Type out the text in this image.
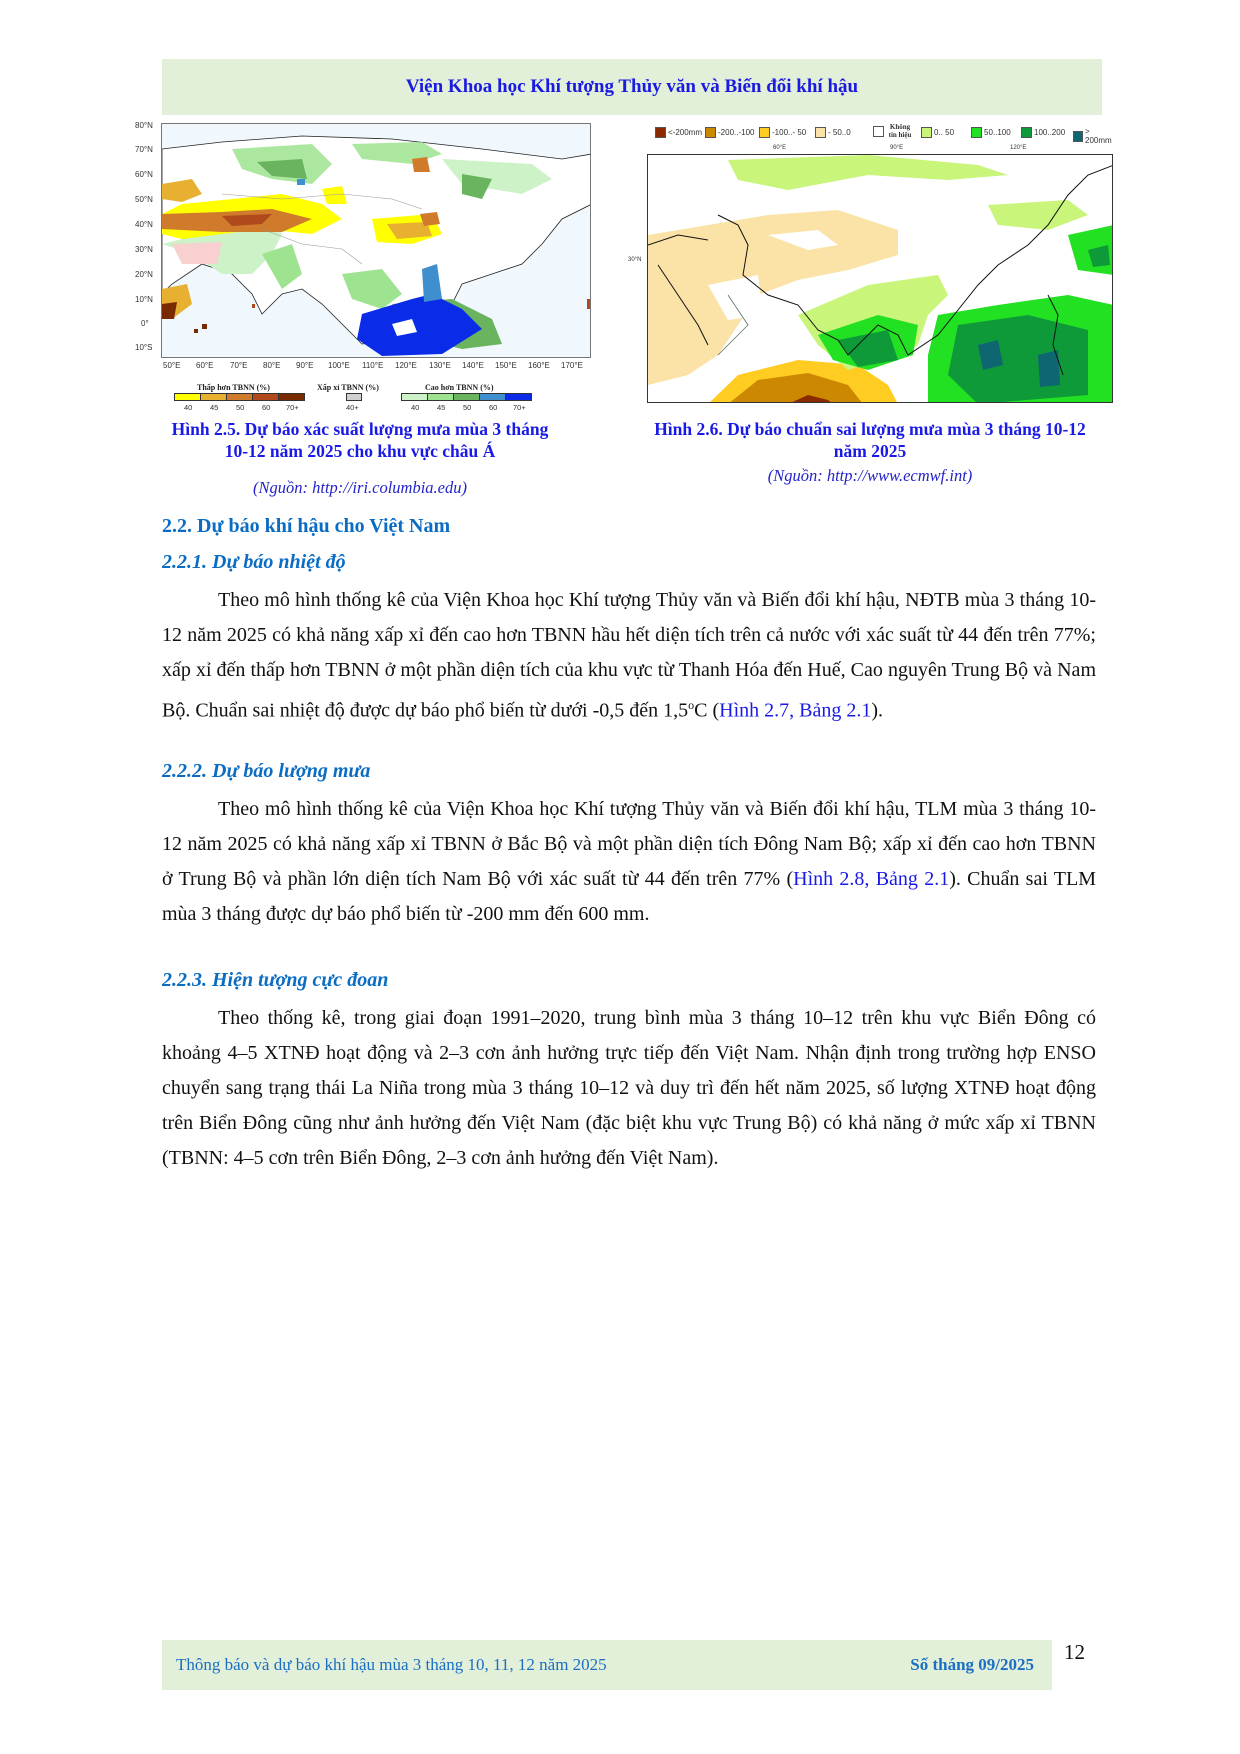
Viện Khoa học Khí tượng Thủy văn và Biến đổi khí hậu
80°N
70°N
60°N
50°N
40°N
30°N
20°N
10°N
0°
10°S
50°E 60°E 70°E 80°E 90°E 100°E 110°E 120°E 130°E 140°E 150°E 160°E 170°E
Thấp hơn TBNN (%)	Xấp xỉ TBNN (%)	Cao hơn TBNN (%)
40 45 50 60 70+	40+	40 45 50 60 70+
<-200mm -200..-100 -100..- 50	- 50..0
Không tín hiệu	0.. 50	50..100	100..200 > 200mm
60°E	90°E	120°E
30°N
Hình 2.5. Dự báo xác suất lượng mưa mùa 3 tháng
10-12 năm 2025 cho khu vực châu Á
(Nguồn: http://iri.columbia.edu)
Hình 2.6. Dự báo chuẩn sai lượng mưa mùa 3 tháng 10-12
năm 2025
(Nguồn: http://www.ecmwf.int)
2.2. Dự báo khí hậu cho Việt Nam
2.2.1. Dự báo nhiệt độ

Theo mô hình thống kê của Viện Khoa học Khí tượng Thủy văn và Biến đổi khí hậu, NĐTB mùa 3 tháng 10-12 năm 2025 có khả năng xấp xỉ đến cao hơn TBNN hầu hết diện tích trên cả nước với xác suất từ 44 đến trên 77%; xấp xỉ đến thấp hơn TBNN ở một phần diện tích của khu vực từ Thanh Hóa đến Huế, Cao nguyên Trung Bộ và Nam Bộ. Chuẩn sai nhiệt độ được dự báo phổ biến từ dưới -0,5 đến 1,5$^o$C (Hình 2.7, Bảng 2.1).

2.2.2. Dự báo lượng mưa

Theo mô hình thống kê của Viện Khoa học Khí tượng Thủy văn và Biến đổi khí hậu, TLM mùa 3 tháng 10-12 năm 2025 có khả năng xấp xỉ TBNN ở Bắc Bộ và một phần diện tích Đông Nam Bộ; xấp xỉ đến cao hơn TBNN ở Trung Bộ và phần lớn diện tích Nam Bộ với xác suất từ 44 đến trên 77% (Hình 2.8, Bảng 2.1). Chuẩn sai TLM mùa 3 tháng được dự báo phổ biến từ -200 mm đến 600 mm.

2.2.3. Hiện tượng cực đoan

Theo thống kê, trong giai đoạn 1991–2020, trung bình mùa 3 tháng 10–12 trên khu vực Biển Đông có khoảng 4–5 XTNĐ hoạt động và 2–3 cơn ảnh hưởng trực tiếp đến Việt Nam. Nhận định trong trường hợp ENSO chuyển sang trạng thái La Niña trong mùa 3 tháng 10–12 và duy trì đến hết năm 2025, số lượng XTNĐ hoạt động trên Biển Đông cũng như ảnh hưởng đến Việt Nam (đặc biệt khu vực Trung Bộ) có khả năng ở mức xấp xỉ TBNN (TBNN: 4–5 cơn trên Biển Đông, 2–3 cơn ảnh hưởng đến Việt Nam).

Thông báo và dự báo khí hậu mùa 3 tháng 10, 11, 12 năm 2025	Số tháng 09/2025
12
